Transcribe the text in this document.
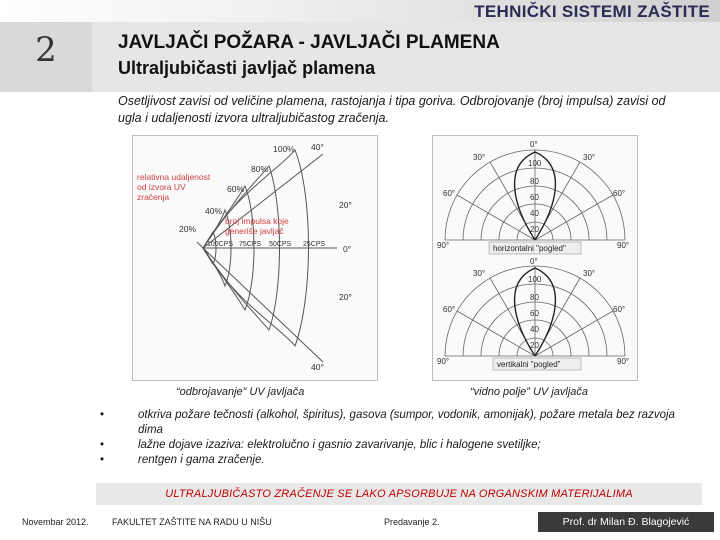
TEHNIČKI SISTEMI ZAŠTITE
2	JAVLJAČI POŽARA - JAVLJAČI PLAMENA
Ultraljubičasti javljač plamena
Osetljivost zavisi od veličine plamena, rastojanja i tipa goriva. Odbrojovanje (broj impulsa) zavisi od ugla i udaljenosti izvora ultraljubičastog zračenja.
100%
80%
60%
40%
20%
40°
20°
0°
20°
40°
100CPS 75CPS 50CPS 25CPS
relativna udaljenost od izvora UV zračenja
broj impulsa koje generiše javljač
“odbrojavanje” UV javljača
0°
30°	30°
60°	60°
90°	90°
100
80
60
40
20
0°
30°	30°
60°	60°
90°	90°
100
80
60
40
20
horizontalni "pogled"
vertikalni "pogled"
“vidno polje” UV javljača
•	otkriva požare tečnosti (alkohol, špiritus), gasova (sumpor, vodonik, amonijak), požare metala bez razvoja dima
•	lažne dojave izaziva: elektrolučno i gasnio zavarivanje, blic i halogene svetiljke;
•	rentgen i gama zračenje.
ULTRALJUBIČASTO ZRAČENJE SE LAKO APSORBUJE NA ORGANSKIM MATERIJALIMA
Novembar 2012.	FAKULTET ZAŠTITE NA RADU U NIŠU	Predavanje 2.	Prof. dr Milan Đ. Blagojević
